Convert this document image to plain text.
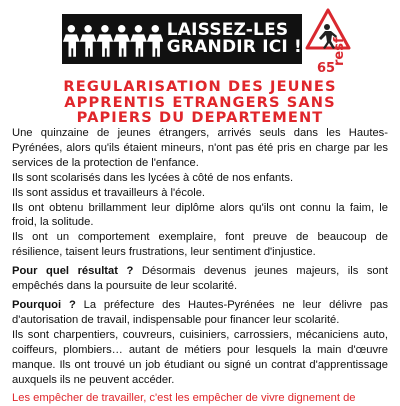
LAISSEZ-LES
GRANDIR ICI ! resf
65
REGULARISATION DES JEUNES
APPRENTIS ETRANGERS SANS
PAPIERS DU DEPARTEMENT

Une quinzaine de jeunes étrangers, arrivés seuls dans les Hautes-Pyrénées, alors qu'ils étaient mineurs, n'ont pas été pris en charge par les services de la protection de l'enfance.

Ils sont scolarisés dans les lycées à côté de nos enfants.

Ils sont assidus et travailleurs à l'école.

Ils ont obtenu brillamment leur diplôme alors qu'ils ont connu la faim, le froid, la solitude.

Ils ont un comportement exemplaire, font preuve de beaucoup de résilience, taisent leurs frustrations, leur sentiment d'injustice.

Pour quel résultat ? Désormais devenus jeunes majeurs, ils sont empêchés dans la poursuite de leur scolarité.

Pourquoi ? La préfecture des Hautes-Pyrénées ne leur délivre pas d'autorisation de travail, indispensable pour financer leur scolarité.

Ils sont charpentiers, couvreurs, cuisiniers, carrossiers, mécaniciens auto, coiffeurs, plombiers… autant de métiers pour lesquels la main d'œuvre manque. Ils ont trouvé un job étudiant ou signé un contrat d'apprentissage auxquels ils ne peuvent accéder.

Les empêcher de travailler, c'est les empêcher de vivre dignement de
